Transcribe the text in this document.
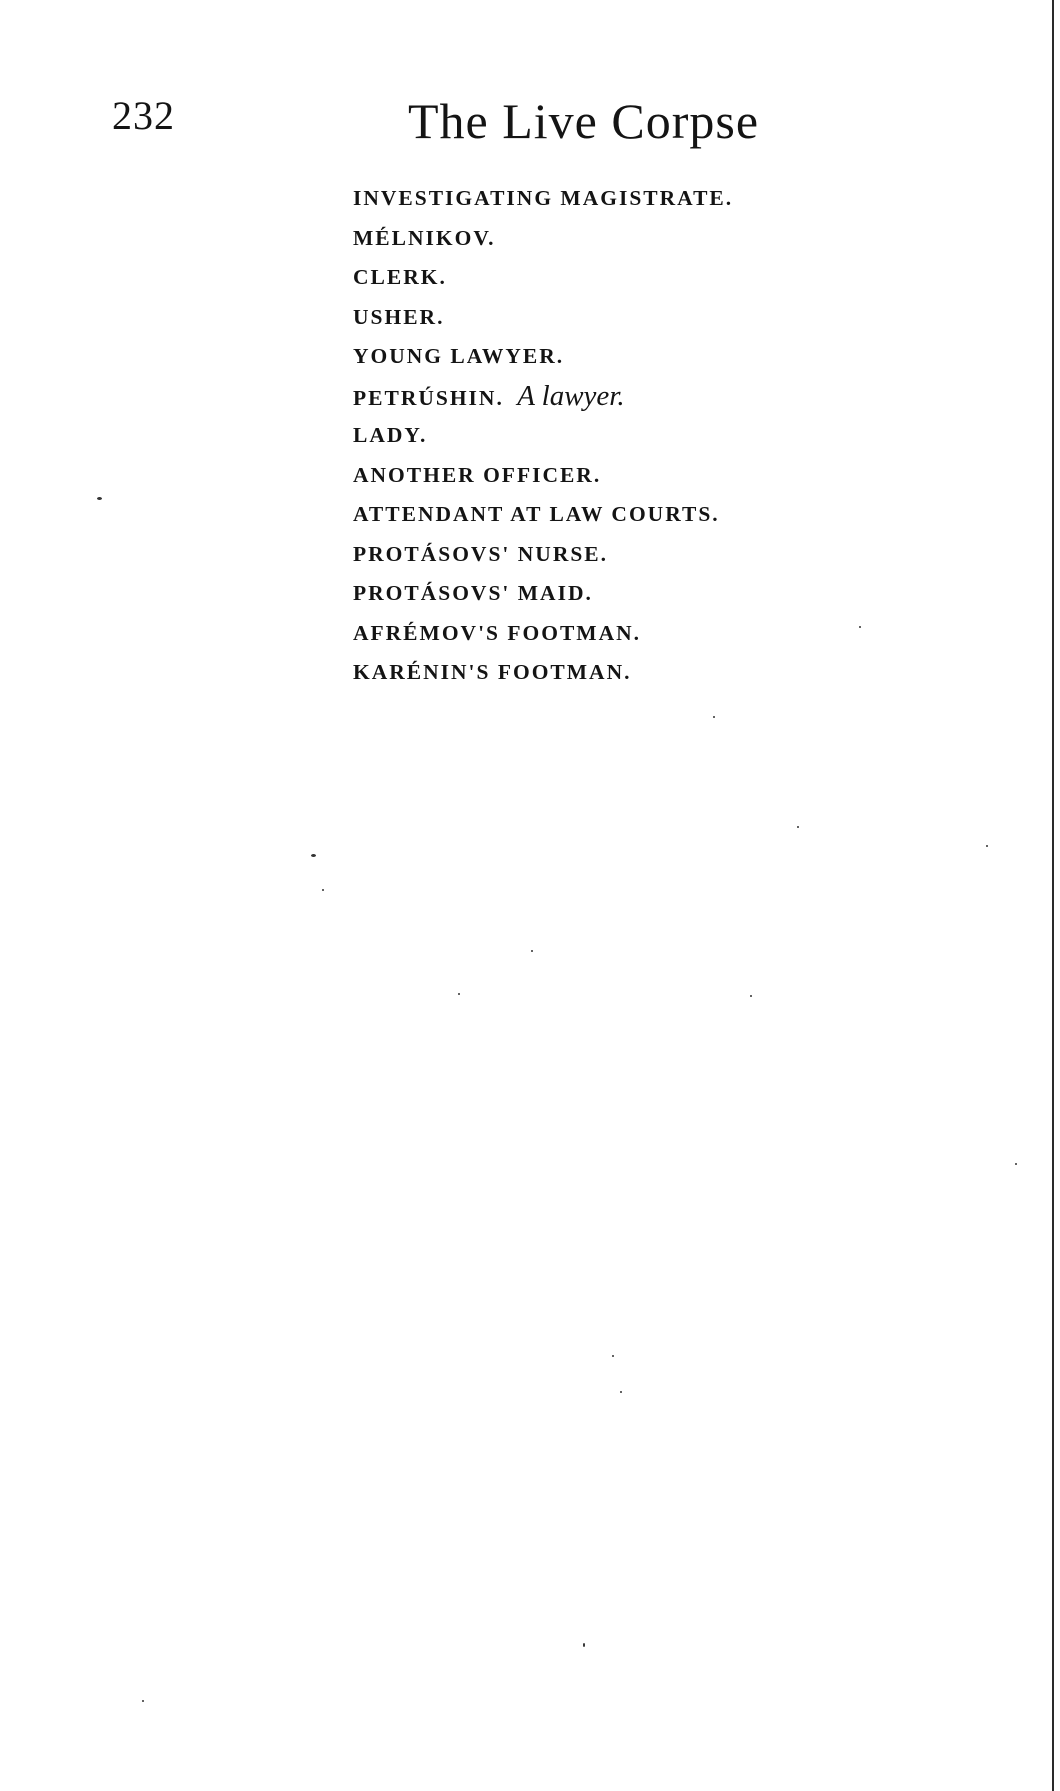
232	The Live Corpse
INVESTIGATING MAGISTRATE.
MÉLNIKOV.
CLERK.
USHER.
YOUNG LAWYER.
PETRÚSHIN. A lawyer.
LADY.
ANOTHER OFFICER.
ATTENDANT AT LAW COURTS.
PROTÁSOVS' NURSE.
PROTÁSOVS' MAID.
AFRÉMOV'S FOOTMAN.
KARÉNIN'S FOOTMAN.
